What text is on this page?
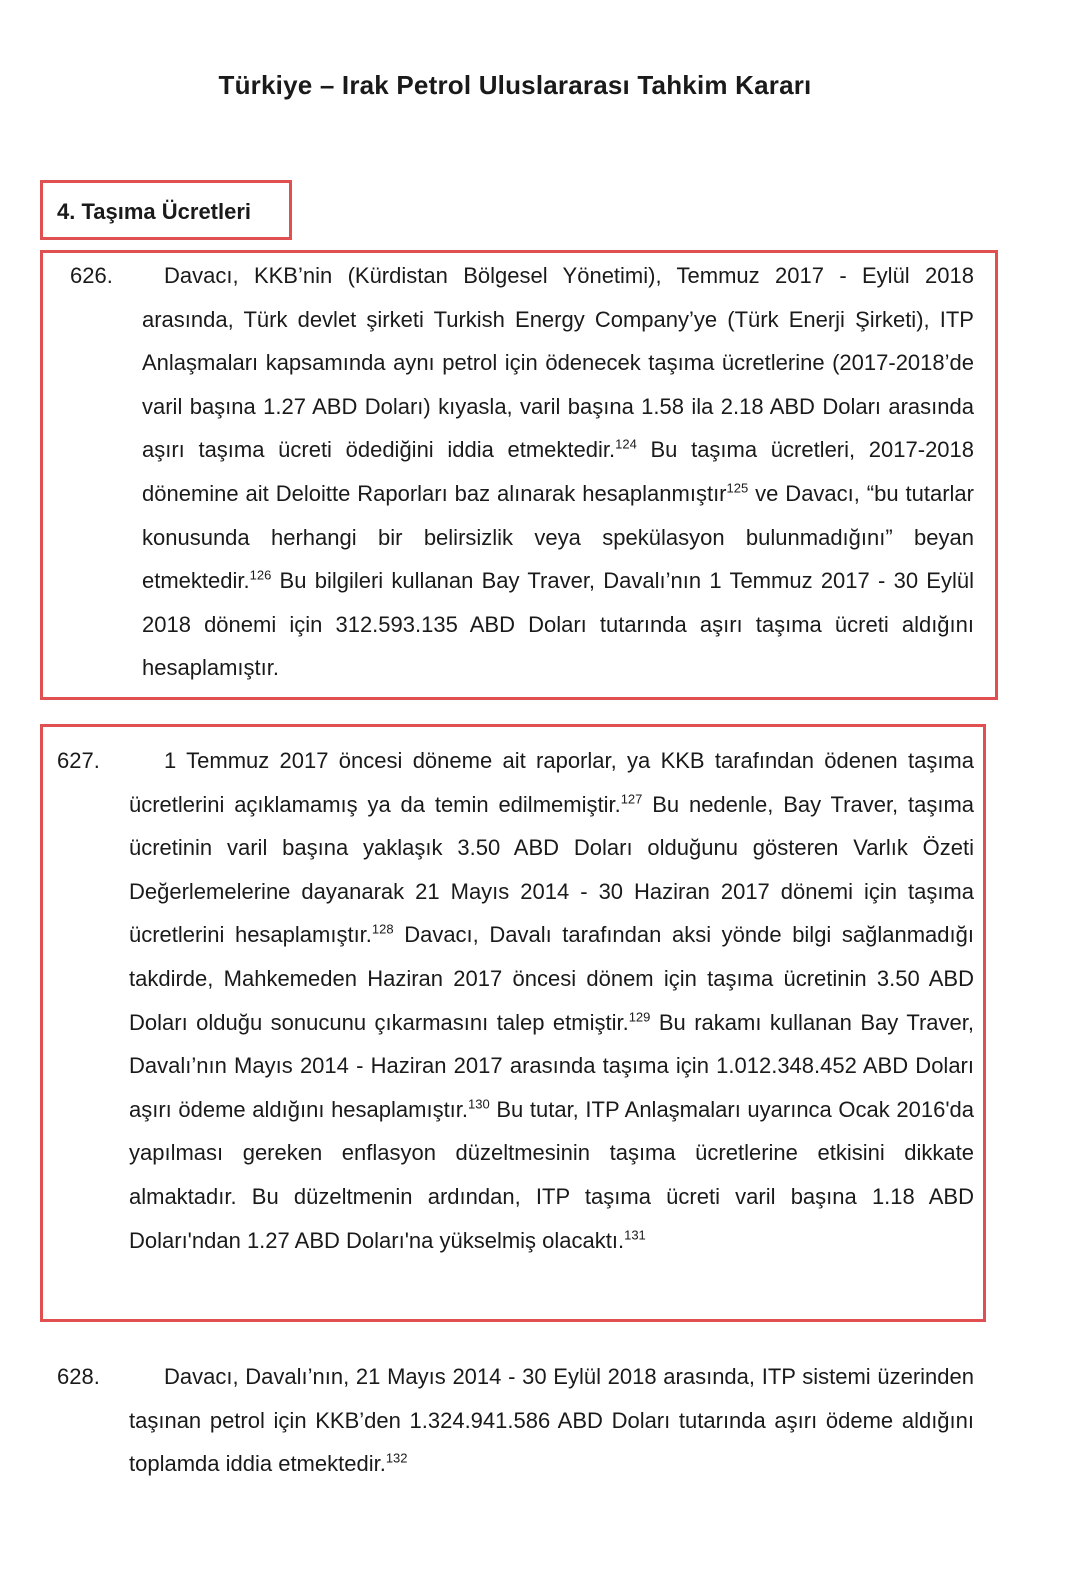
Türkiye – Irak Petrol Uluslararası Tahkim Kararı
4. Taşıma Ücretleri
626. Davacı, KKB’nin (Kürdistan Bölgesel Yönetimi), Temmuz 2017 - Eylül 2018 arasında, Türk devlet şirketi Turkish Energy Company’ye (Türk Enerji Şirketi), ITP Anlaşmaları kapsamında aynı petrol için ödenecek taşıma ücretlerine (2017-2018’de varil başına 1.27 ABD Doları) kıyasla, varil başına 1.58 ila 2.18 ABD Doları arasında aşırı taşıma ücreti ödediğini iddia etmektedir.$^{124}$ Bu taşıma ücretleri, 2017-2018 dönemine ait Deloitte Raporları baz alınarak hesaplanmıştır$^{125}$ ve Davacı, “bu tutarlar konusunda herhangi bir belirsizlik veya spekülasyon bulunmadığını” beyan etmektedir.$^{126}$ Bu bilgileri kullanan Bay Traver, Davalı’nın 1 Temmuz 2017 - 30 Eylül 2018 dönemi için 312.593.135 ABD Doları tutarında aşırı taşıma ücreti aldığını hesaplamıştır.
627.	1 Temmuz 2017 öncesi döneme ait raporlar, ya KKB tarafından ödenen taşıma ücretlerini açıklamamış ya da temin edilmemiştir.$^{127}$ Bu nedenle, Bay Traver, taşıma ücretinin varil başına yaklaşık 3.50 ABD Doları olduğunu gösteren Varlık Özeti Değerlemelerine dayanarak 21 Mayıs 2014 - 30 Haziran 2017 dönemi için taşıma ücretlerini hesaplamıştır.$^{128}$ Davacı, Davalı tarafından aksi yönde bilgi sağlanmadığı takdirde, Mahkemeden Haziran 2017 öncesi dönem için taşıma ücretinin 3.50 ABD Doları olduğu sonucunu çıkarmasını talep etmiştir.$^{129}$ Bu rakamı kullanan Bay Traver, Davalı’nın Mayıs 2014 - Haziran 2017 arasında taşıma için 1.012.348.452 ABD Doları aşırı ödeme aldığını hesaplamıştır.$^{130}$ Bu tutar, ITP Anlaşmaları uyarınca Ocak 2016'da yapılması gereken enflasyon düzeltmesinin taşıma ücretlerine etkisini dikkate almaktadır. Bu düzeltmenin ardından, ITP taşıma ücreti varil başına 1.18 ABD Doları'ndan 1.27 ABD Doları'na yükselmiş olacaktı.$^{131}$
628.	Davacı, Davalı’nın, 21 Mayıs 2014 - 30 Eylül 2018 arasında, ITP sistemi üzerinden taşınan petrol için KKB’den 1.324.941.586 ABD Doları tutarında aşırı ödeme aldığını toplamda iddia etmektedir.$^{132}$
